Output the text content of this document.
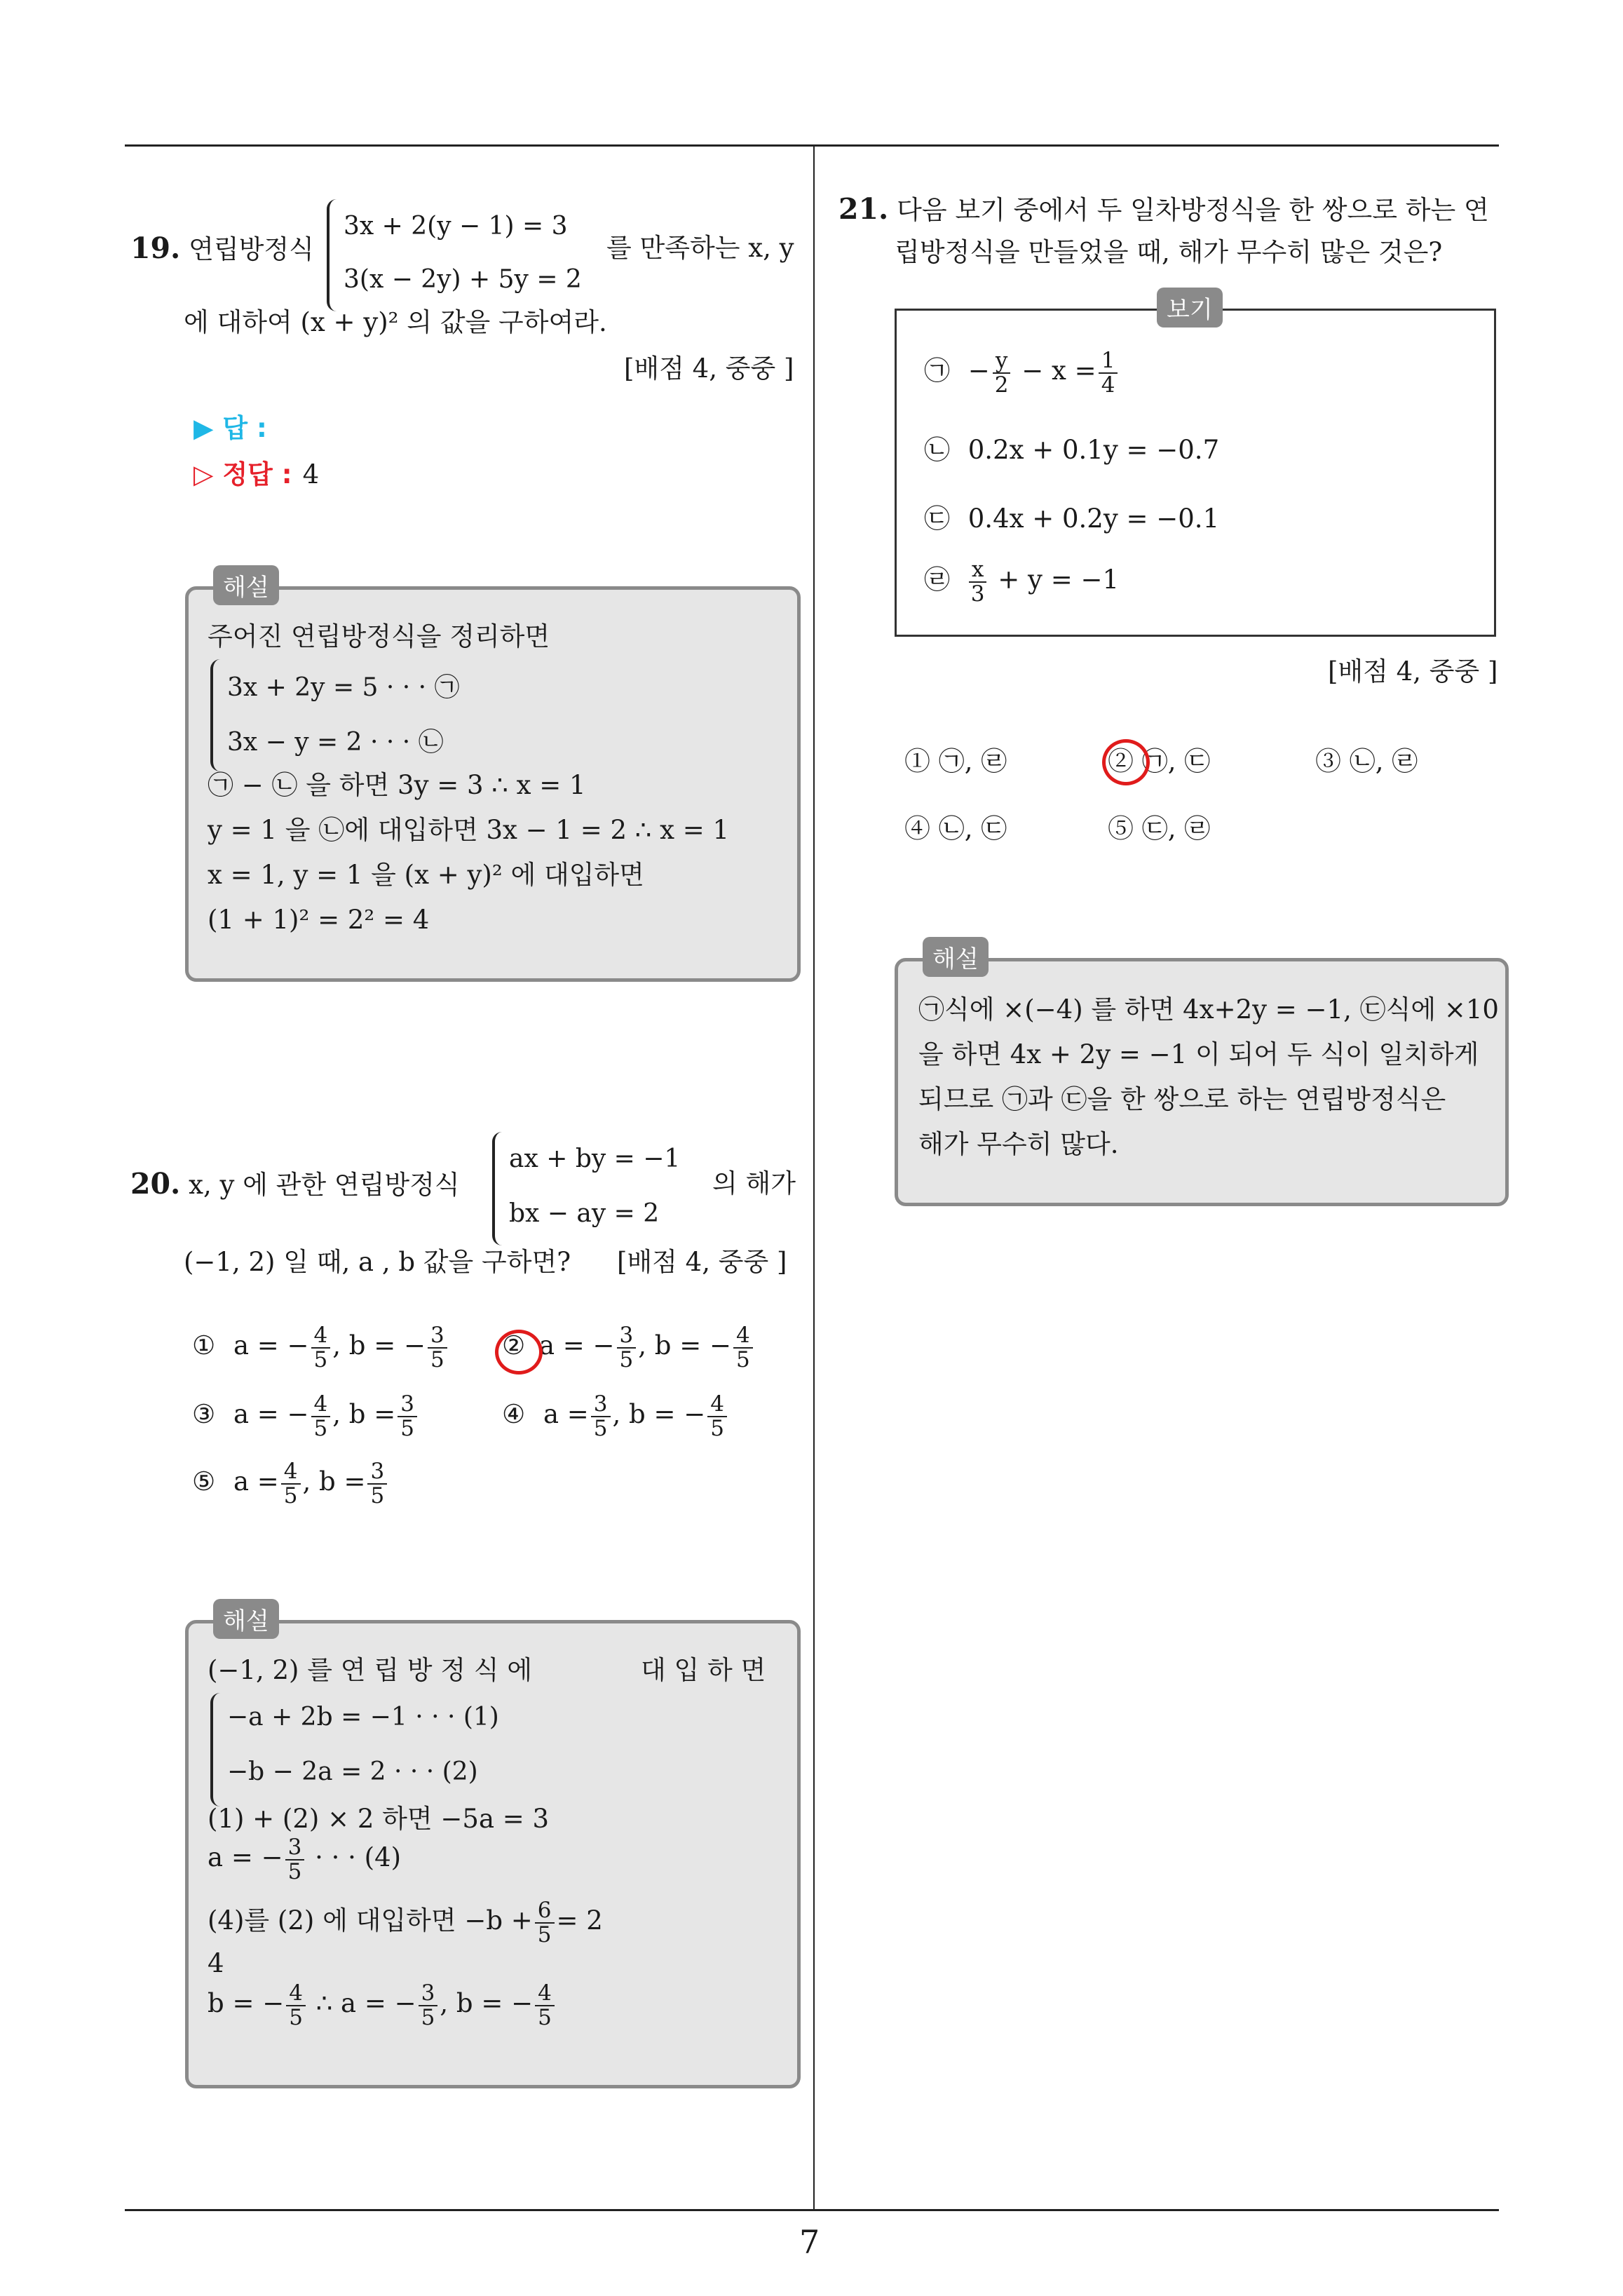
7
19. 연립방정식
3x + 2(y − 1) = 3
3(x − 2y) + 5y = 2
를 만족하는 x, y
에 대하여 (x + y)² 의 값을 구하여라.
[배점 4, 중중 ]
▶ 답 :
▷ 정답 : 4
해설
주어진 연립방정식을 정리하면
3x + 2y = 5 · · · ㉠
3x − y = 2 · · · ㉡
㉠ − ㉡ 을 하면 3y = 3 ∴ x = 1
y = 1 을 ㉡에 대입하면 3x − 1 = 2 ∴ x = 1
x = 1, y = 1 을 (x + y)² 에 대입하면
(1 + 1)² = 2² = 4
20. x, y 에 관한 연립방정식
ax + by = −1
bx − ay = 2
의 해가
(−1, 2) 일 때, a , b 값을 구하면? [배점 4, 중중 ]
① a = − $\frac{4}{5}$ , b = − $\frac{3}{5}$ ② a = − $\frac{3}{5}$ , b = − $\frac{4}{5}$
③ a = − $\frac{4}{5}$ , $b = \frac{3}{5}$	④ $a = \frac{3}{5}$ , b = − $\frac{4}{5}$
⑤ $a = \frac{4}{5}$ , $b = \frac{3}{5}$
해설
(−1, 2) 를 연 립 방 정 식 에	대 입 하 면
−a + 2b = −1 · · · (1)
−b − 2a = 2 · · · (2)
(1) + (2) × 2 하면 −5a = 3
a = − $\frac{3}{5}$ · · · (4)
(4)를 (2) 에 대입하면 $-b + \frac{6}{5} = 2$
4
b = − $\frac{4}{5}$ ∴ a = − $\frac{3}{5}$ , b = − $\frac{4}{5}$
21. 다음 보기 중에서 두 일차방정식을 한 쌍으로 하는 연
립방정식을 만들었을 때, 해가 무수히 많은 것은?
보기
㉠ − $\frac{y}{2} - x = \frac{1}{4}$
㉡ 0.2x + 0.1y = −0.7
㉢ 0.4x + 0.2y = −0.1
㉣ $\frac{x}{3} + y = -1$
[배점 4, 중중 ]
① ㉠, ㉣	② ㉠, ㉢	③ ㉡, ㉣
④ ㉡, ㉢	⑤ ㉢, ㉣
해설
㉠식에 ×(−4) 를 하면 4x+2y = −1, ㉢식에 ×10
을 하면 4x + 2y = −1 이 되어 두 식이 일치하게
되므로 ㉠과 ㉢을 한 쌍으로 하는 연립방정식은
해가 무수히 많다.
